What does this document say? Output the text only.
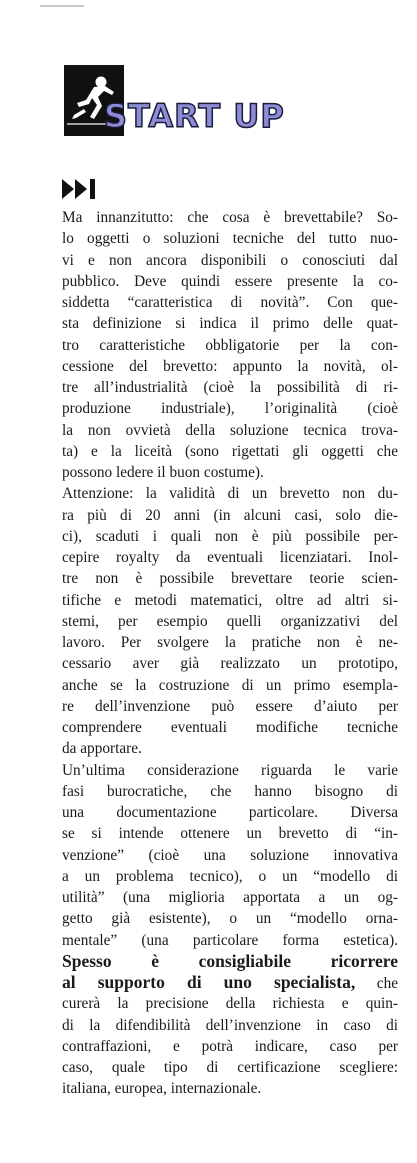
START UP
Ma innanzitutto: che cosa è brevettabile? So-
lo oggetti o soluzioni tecniche del tutto nuo-
vi e non ancora disponibili o conosciuti dal
pubblico. Deve quindi essere presente la co-
siddetta “caratteristica di novità”. Con que-
sta definizione si indica il primo delle quat-
tro caratteristiche obbligatorie per la con-
cessione del brevetto: appunto la novità, ol-
tre all’industrialità (cioè la possibilità di ri-
produzione industriale), l’originalità (cioè
la non ovvietà della soluzione tecnica trova-
ta) e la liceità (sono rigettati gli oggetti che
possono ledere il buon costume).
Attenzione: la validità di un brevetto non du-
ra più di 20 anni (in alcuni casi, solo die-
ci), scaduti i quali non è più possibile per-
cepire royalty da eventuali licenziatari. Inol-
tre non è possibile brevettare teorie scien-
tifiche e metodi matematici, oltre ad altri si-
stemi, per esempio quelli organizzativi del
lavoro. Per svolgere la pratiche non è ne-
cessario aver già realizzato un prototipo,
anche se la costruzione di un primo esempla-
re dell’invenzione può essere d’aiuto per
comprendere eventuali modifiche tecniche
da apportare.
Un’ultima considerazione riguarda le varie
fasi burocratiche, che hanno bisogno di
una documentazione particolare. Diversa
se si intende ottenere un brevetto di “in-
venzione” (cioè una soluzione innovativa
a un problema tecnico), o un “modello di
utilità” (una miglioria apportata a un og-
getto già esistente), o un “modello orna-
mentale” (una particolare forma estetica).
Spesso è consigliabile ricorrere
al supporto di uno specialista, che
curerà la precisione della richiesta e quin-
di la difendibilità dell’invenzione in caso di
contraffazioni, e potrà indicare, caso per
caso, quale tipo di certificazione scegliere:
italiana, europea, internazionale.
